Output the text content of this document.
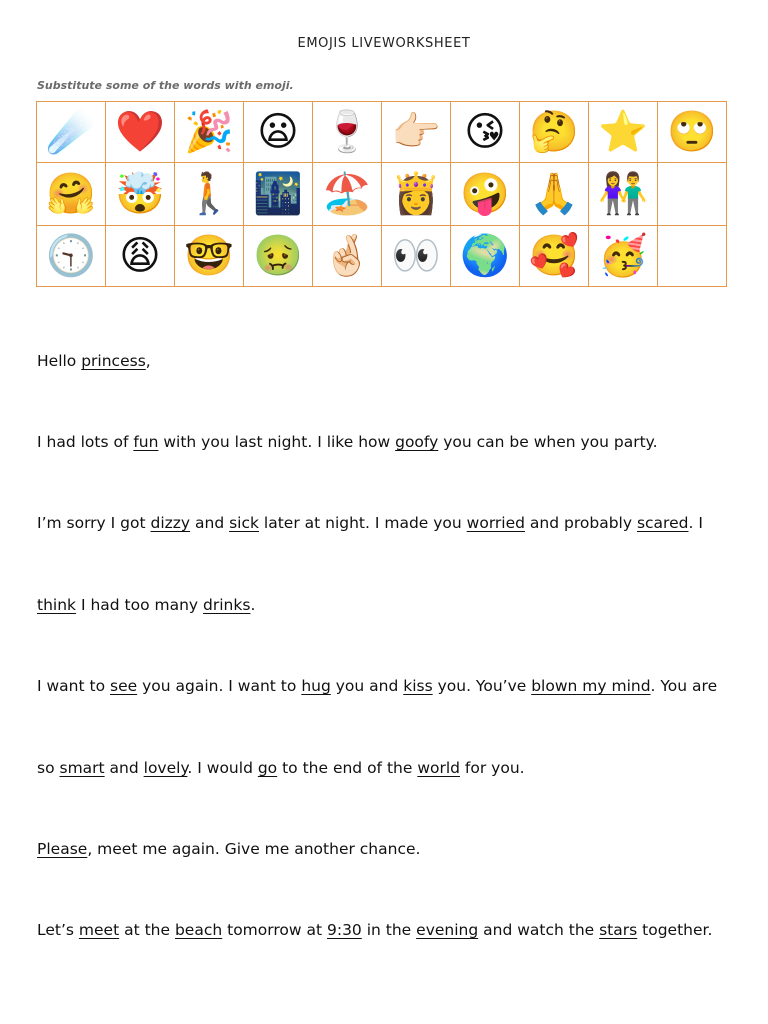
EMOJIS LIVEWORKSHEET
Substitute some of the words with emoji.
☄️	❤️	🎉	😦	🍷	👉🏻	😘	🤔	⭐	🙄
🤗	🤯	🚶	🌃	🏖️	👸	🤪	🙏	👫	
🕤	😩	🤓	🤢	🤞🏻	👀	🌍	🥰	🥳	
Hello princess,
I had lots of fun with you last night. I like how goofy you can be when you party.
I’m sorry I got dizzy and sick later at night. I made you worried and probably scared. I
think I had too many drinks.
I want to see you again. I want to hug you and kiss you. You’ve blown my mind. You are
so smart and lovely. I would go to the end of the world for you.
Please, meet me again. Give me another chance.
Let’s meet at the beach tomorrow at 9:30 in the evening and watch the stars together.
